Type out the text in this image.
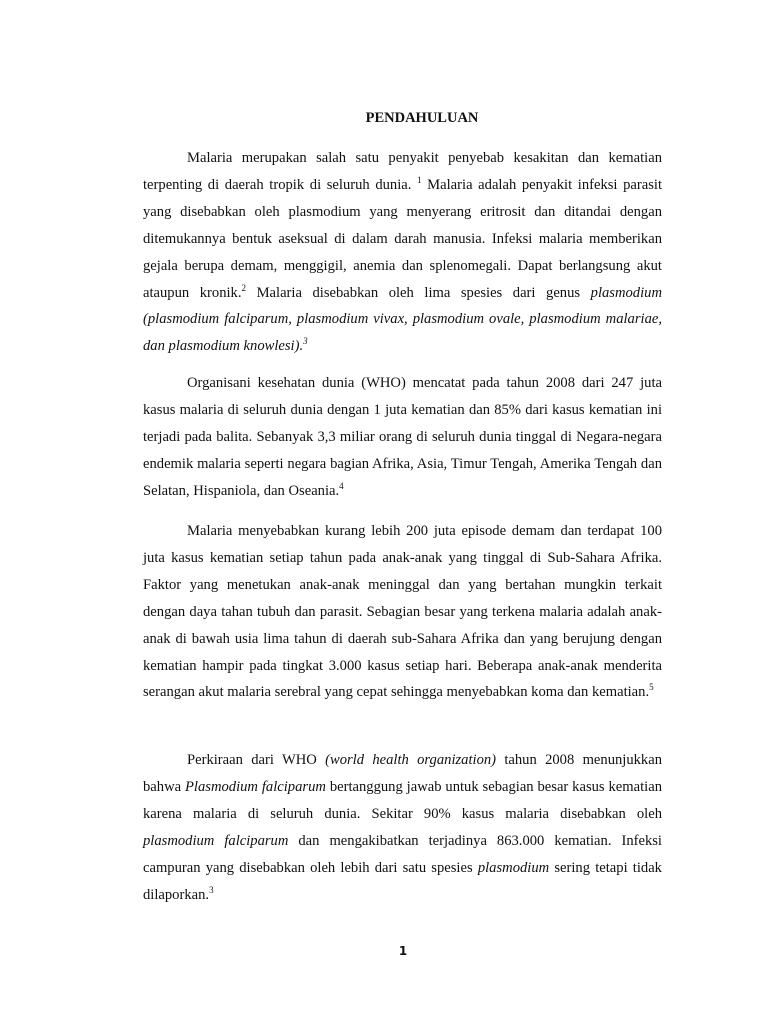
PENDAHULUAN

Malaria merupakan salah satu penyakit penyebab kesakitan dan kematian terpenting di daerah tropik di seluruh dunia. $^1$ Malaria adalah penyakit infeksi parasit yang disebabkan oleh plasmodium yang menyerang eritrosit dan ditandai dengan ditemukannya bentuk aseksual di dalam darah manusia. Infeksi malaria memberikan gejala berupa demam, menggigil, anemia dan splenomegali. Dapat berlangsung akut ataupun kronik.$^2$ Malaria disebabkan oleh lima spesies dari genus plasmodium (plasmodium falciparum, plasmodium vivax, plasmodium ovale, plasmodium malariae, dan plasmodium knowlesi).$^3$

Organisani kesehatan dunia (WHO) mencatat pada tahun 2008 dari 247 juta kasus malaria di seluruh dunia dengan 1 juta kematian dan 85% dari kasus kematian ini terjadi pada balita. Sebanyak 3,3 miliar orang di seluruh dunia tinggal di Negara-negara endemik malaria seperti negara bagian Afrika, Asia, Timur Tengah, Amerika Tengah dan Selatan, Hispaniola, dan Oseania.$^4$

Malaria menyebabkan kurang lebih 200 juta episode demam dan terdapat 100 juta kasus kematian setiap tahun pada anak-anak yang tinggal di Sub-Sahara Afrika. Faktor yang menetukan anak-anak meninggal dan yang bertahan mungkin terkait dengan daya tahan tubuh dan parasit. Sebagian besar yang terkena malaria adalah anak-anak di bawah usia lima tahun di daerah sub-Sahara Afrika dan yang berujung dengan kematian hampir pada tingkat 3.000 kasus setiap hari. Beberapa anak-anak menderita serangan akut malaria serebral yang cepat sehingga menyebabkan koma dan kematian.$^5$

Perkiraan dari WHO (world health organization) tahun 2008 menunjukkan bahwa Plasmodium falciparum bertanggung jawab untuk sebagian besar kasus kematian karena malaria di seluruh dunia. Sekitar 90% kasus malaria disebabkan oleh plasmodium falciparum dan mengakibatkan terjadinya 863.000 kematian. Infeksi campuran yang disebabkan oleh lebih dari satu spesies plasmodium sering tetapi tidak dilaporkan.$^3$

1
